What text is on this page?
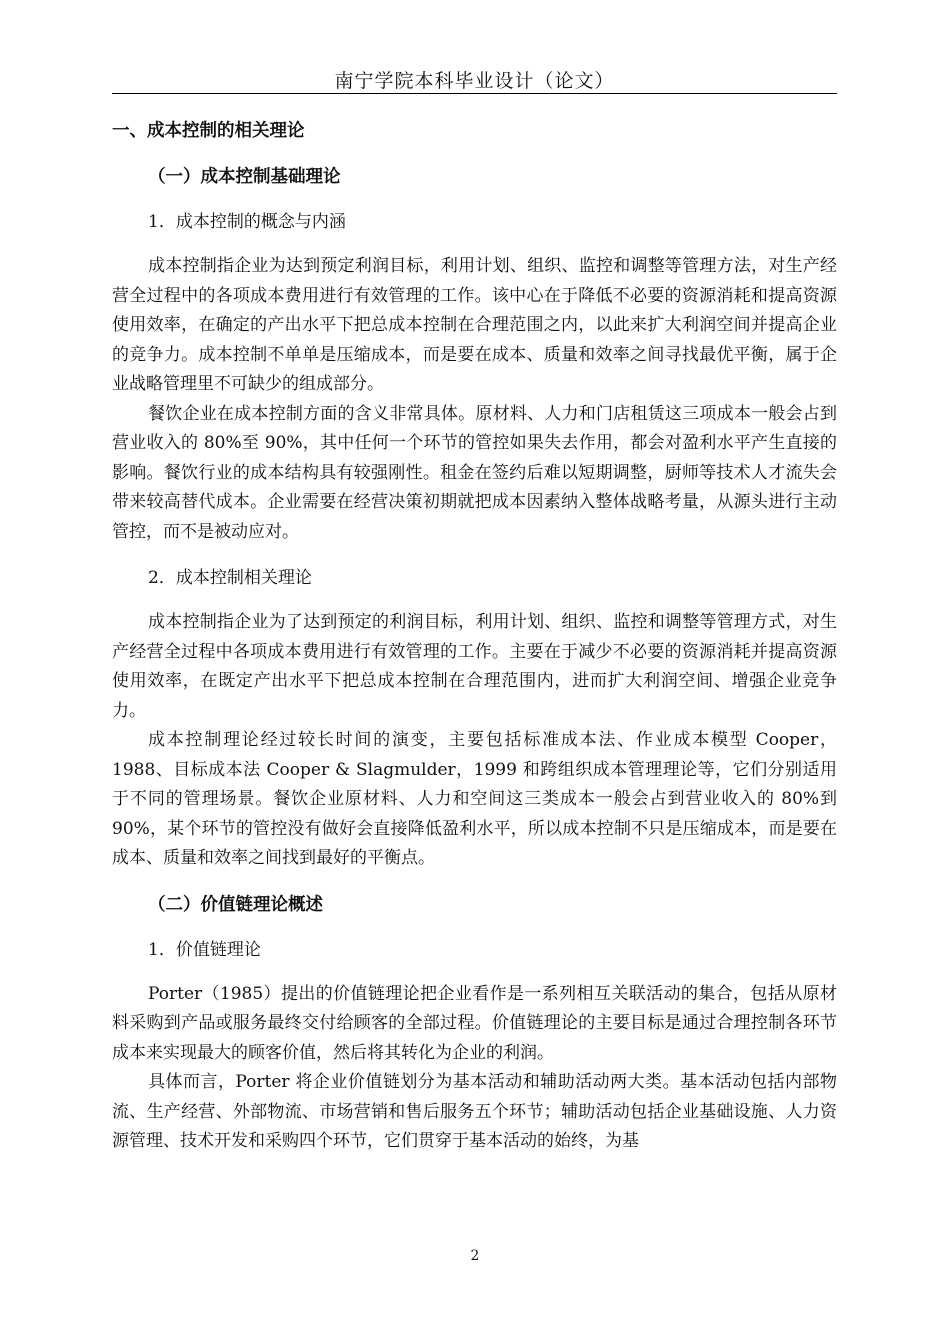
南宁学院本科毕业设计（论文）
一、成本控制的相关理论
（一）成本控制基础理论
1．成本控制的概念与内涵

成本控制指企业为达到预定利润目标，利用计划、组织、监控和调整等管理方法，对生产经营全过程中的各项成本费用进行有效管理的工作。该中心在于降低不必要的资源消耗和提高资源使用效率，在确定的产出水平下把总成本控制在合理范围之内，以此来扩大利润空间并提高企业的竞争力。成本控制不单单是压缩成本，而是要在成本、质量和效率之间寻找最优平衡，属于企业战略管理里不可缺少的组成部分。

餐饮企业在成本控制方面的含义非常具体。原材料、人力和门店租赁这三项成本一般会占到营业收入的 80%至 90%，其中任何一个环节的管控如果失去作用，都会对盈利水平产生直接的影响。餐饮行业的成本结构具有较强刚性。租金在签约后难以短期调整，厨师等技术人才流失会带来较高替代成本。企业需要在经营决策初期就把成本因素纳入整体战略考量，从源头进行主动管控，而不是被动应对。

2．成本控制相关理论

成本控制指企业为了达到预定的利润目标，利用计划、组织、监控和调整等管理方式，对生产经营全过程中各项成本费用进行有效管理的工作。主要在于减少不必要的资源消耗并提高资源使用效率，在既定产出水平下把总成本控制在合理范围内，进而扩大利润空间、增强企业竞争力。

成本控制理论经过较长时间的演变，主要包括标准成本法、作业成本模型 Cooper，1988、目标成本法 Cooper & Slagmulder，1999 和跨组织成本管理理论等，它们分别适用于不同的管理场景。餐饮企业原材料、人力和空间这三类成本一般会占到营业收入的 80%到 90%，某个环节的管控没有做好会直接降低盈利水平，所以成本控制不只是压缩成本，而是要在成本、质量和效率之间找到最好的平衡点。

（二）价值链理论概述
1．价值链理论

Porter（1985）提出的价值链理论把企业看作是一系列相互关联活动的集合，包括从原材料采购到产品或服务最终交付给顾客的全部过程。价值链理论的主要目标是通过合理控制各环节成本来实现最大的顾客价值，然后将其转化为企业的利润。

具体而言，Porter 将企业价值链划分为基本活动和辅助活动两大类。基本活动包括内部物流、生产经营、外部物流、市场营销和售后服务五个环节；辅助活动包括企业基础设施、人力资源管理、技术开发和采购四个环节，它们贯穿于基本活动的始终，为基

2
